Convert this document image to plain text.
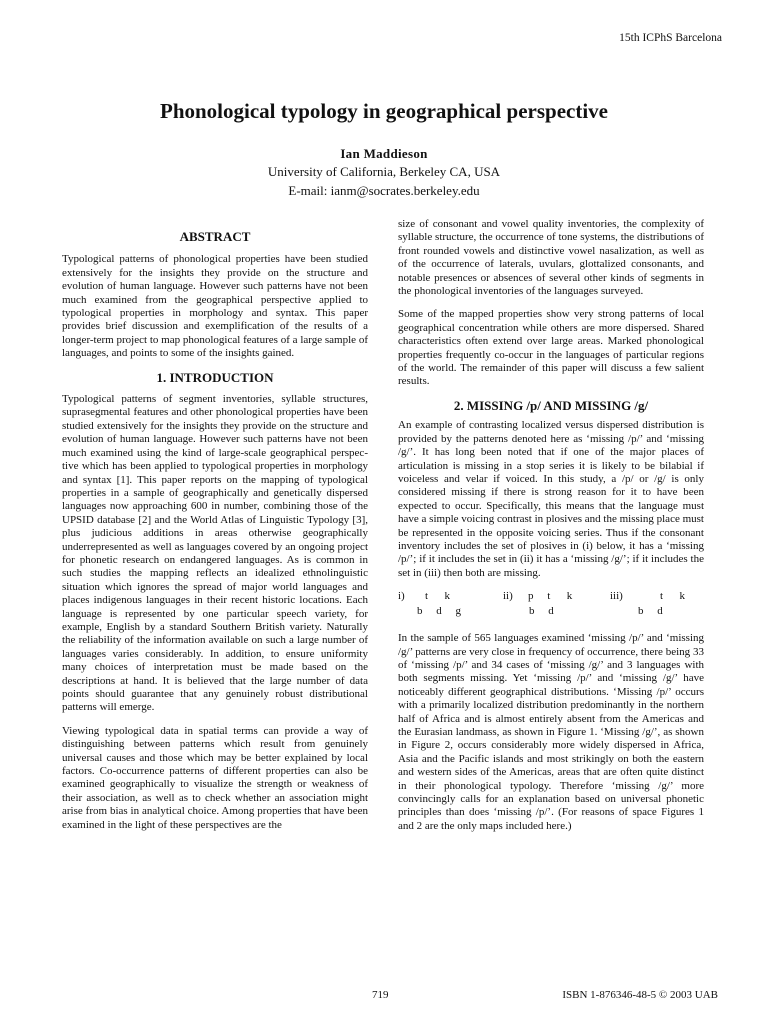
15th ICPhS Barcelona
Phonological typology in geographical perspective
Ian Maddieson
University of California, Berkeley CA, USA
E-mail: ianm@socrates.berkeley.edu
ABSTRACT

Typological patterns of phonological properties have been studied extensively for the insights they provide on the structure and evolution of human language. However such patterns have not been much examined from the geographical perspective applied to typological properties in morphology and syntax. This paper provides brief discussion and exemplification of the results of a longer-term project to map phonological features of a large sample of languages, and points to some of the insights gained.

1. INTRODUCTION

Typological patterns of segment inventories, syllable structures, suprasegmental features and other phonological properties have been studied extensively for the insights they provide on the structure and evolution of human language. However such patterns have not been much examined using the kind of large-scale geographical perspective which has been applied to typological properties in morphology and syntax [1]. This paper reports on the mapping of typological properties in a sample of geographically and genetically dispersed languages now approaching 600 in number, combining those of the UPSID database [2] and the World Atlas of Linguistic Typology [3], plus judicious additions in areas otherwise geographically underrepresented as well as languages covered by an ongoing project for phonetic research on endangered languages. As is common in such studies the mapping reflects an idealized ethnolinguistic situation which ignores the spread of major world languages and places indigenous languages in their recent historic locations. Each language is represented by one particular speech variety, for example, English by a standard Southern British variety. Naturally the reliability of the information available on such a large number of languages varies considerably. In addition, to ensure uniformity many choices of interpretation must be made based on the descriptions at hand. It is believed that the large number of data points should guarantee that any genuinely robust distributional patterns will emerge.

Viewing typological data in spatial terms can provide a way of distinguishing between patterns which result from genuinely universal causes and those which may be better explained by local factors. Co-occurrence patterns of different properties can also be examined geographically to visualize the strength or weakness of their association, as well as to check whether an association might arise from bias in analytical choice. Among properties that have been examined in the light of these perspectives are the

size of consonant and vowel quality inventories, the complexity of syllable structure, the occurrence of tone systems, the distributions of front rounded vowels and distinctive vowel nasalization, as well as of the occurrence of laterals, uvulars, glottalized consonants, and notable presences or absences of several other kinds of segments in the phonological inventories of the languages surveyed.

Some of the mapped properties show very strong patterns of local geographical concentration while others are more dispersed. Shared characteristics often extend over large areas. Marked phonological properties frequently co-occur in the languages of particular regions of the world. The remainder of this paper will discuss a few salient results.

2. MISSING /p/ AND MISSING /g/

An example of contrasting localized versus dispersed distribution is provided by the patterns denoted here as ‘missing /p/’ and ‘missing /g/’. It has long been noted that if one of the major places of articulation is missing in a stop series it is likely to be bilabial if voiceless and velar if voiced. In this study, a /p/ or /g/ is only considered missing if there is strong reason for it to have been expected to occur. Specifically, this means that the language must have a simple voicing contrast in plosives and the missing place must be represented in the opposite voicing series. Thus if the consonant inventory includes the set of plosives in (i) below, it has a ‘missing /p/’; if it includes the set in (ii) it has a ‘missing /g/’; if it includes the set in (iii) then both are missing.

i) t      k
b     d     g
ii) p     t      k
b     d
iii)	t      k
b     d

In the sample of 565 languages examined ‘missing /p/’ and ‘missing /g/’ patterns are very close in frequency of occurrence, there being 33 of ‘missing /p/’ and 34 cases of ‘missing /g/’ and 3 languages with both segments missing. Yet ‘missing /p/’ and ‘missing /g/’ have noticeably different geographical distributions. ‘Missing /p/’ occurs with a primarily localized distribution predominantly in the northern half of Africa and is almost entirely absent from the Americas and the Eurasian landmass, as shown in Figure 1. ‘Missing /g/’, as shown in Figure 2, occurs considerably more widely dispersed in Africa, Asia and the Pacific islands and most strikingly on both the eastern and western sides of the Americas, areas that are often quite distinct in their phonological typology. Therefore ‘missing /g/’ more convincingly calls for an explanation based on universal phonetic principles than does ‘missing /p/’. (For reasons of space Figures 1 and 2 are the only maps included here.)

719	ISBN 1-876346-48-5 © 2003 UAB
